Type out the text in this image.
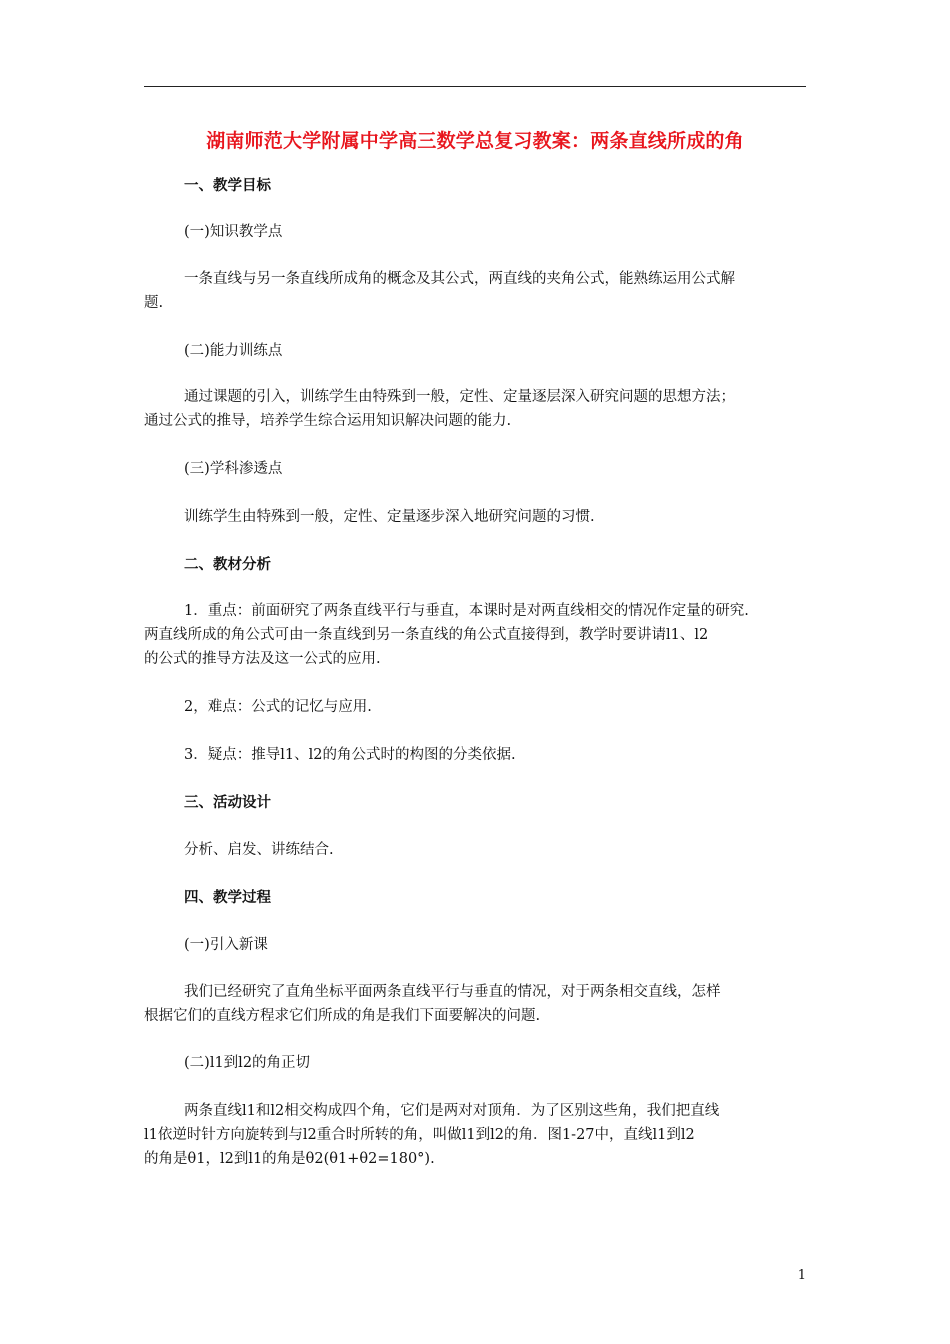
湖南师范大学附属中学高三数学总复习教案：两条直线所成的角
一、教学目标
(一)知识教学点
一条直线与另一条直线所成角的概念及其公式，两直线的夹角公式，能熟练运用公式解
题.
(二)能力训练点
通过课题的引入，训练学生由特殊到一般，定性、定量逐层深入研究问题的思想方法；
通过公式的推导，培养学生综合运用知识解决问题的能力.
(三)学科渗透点
训练学生由特殊到一般，定性、定量逐步深入地研究问题的习惯.
二、教材分析
1．重点：前面研究了两条直线平行与垂直，本课时是对两直线相交的情况作定量的研究.
两直线所成的角公式可由一条直线到另一条直线的角公式直接得到，教学时要讲请l1、l2
的公式的推导方法及这一公式的应用.
2，难点：公式的记忆与应用.
3．疑点：推导l1、l2的角公式时的构图的分类依据.
三、活动设计
分析、启发、讲练结合.
四、教学过程
(一)引入新课
我们已经研究了直角坐标平面两条直线平行与垂直的情况，对于两条相交直线，怎样
根据它们的直线方程求它们所成的角是我们下面要解决的问题.
(二)l1到l2的角正切
两条直线l1和l2相交构成四个角，它们是两对对顶角．为了区别这些角，我们把直线
l1依逆时针方向旋转到与l2重合时所转的角，叫做l1到l2的角．图1-27中，直线l1到l2
的角是θ1，l2到l1的角是θ2(θ1+θ2=180°).
1
